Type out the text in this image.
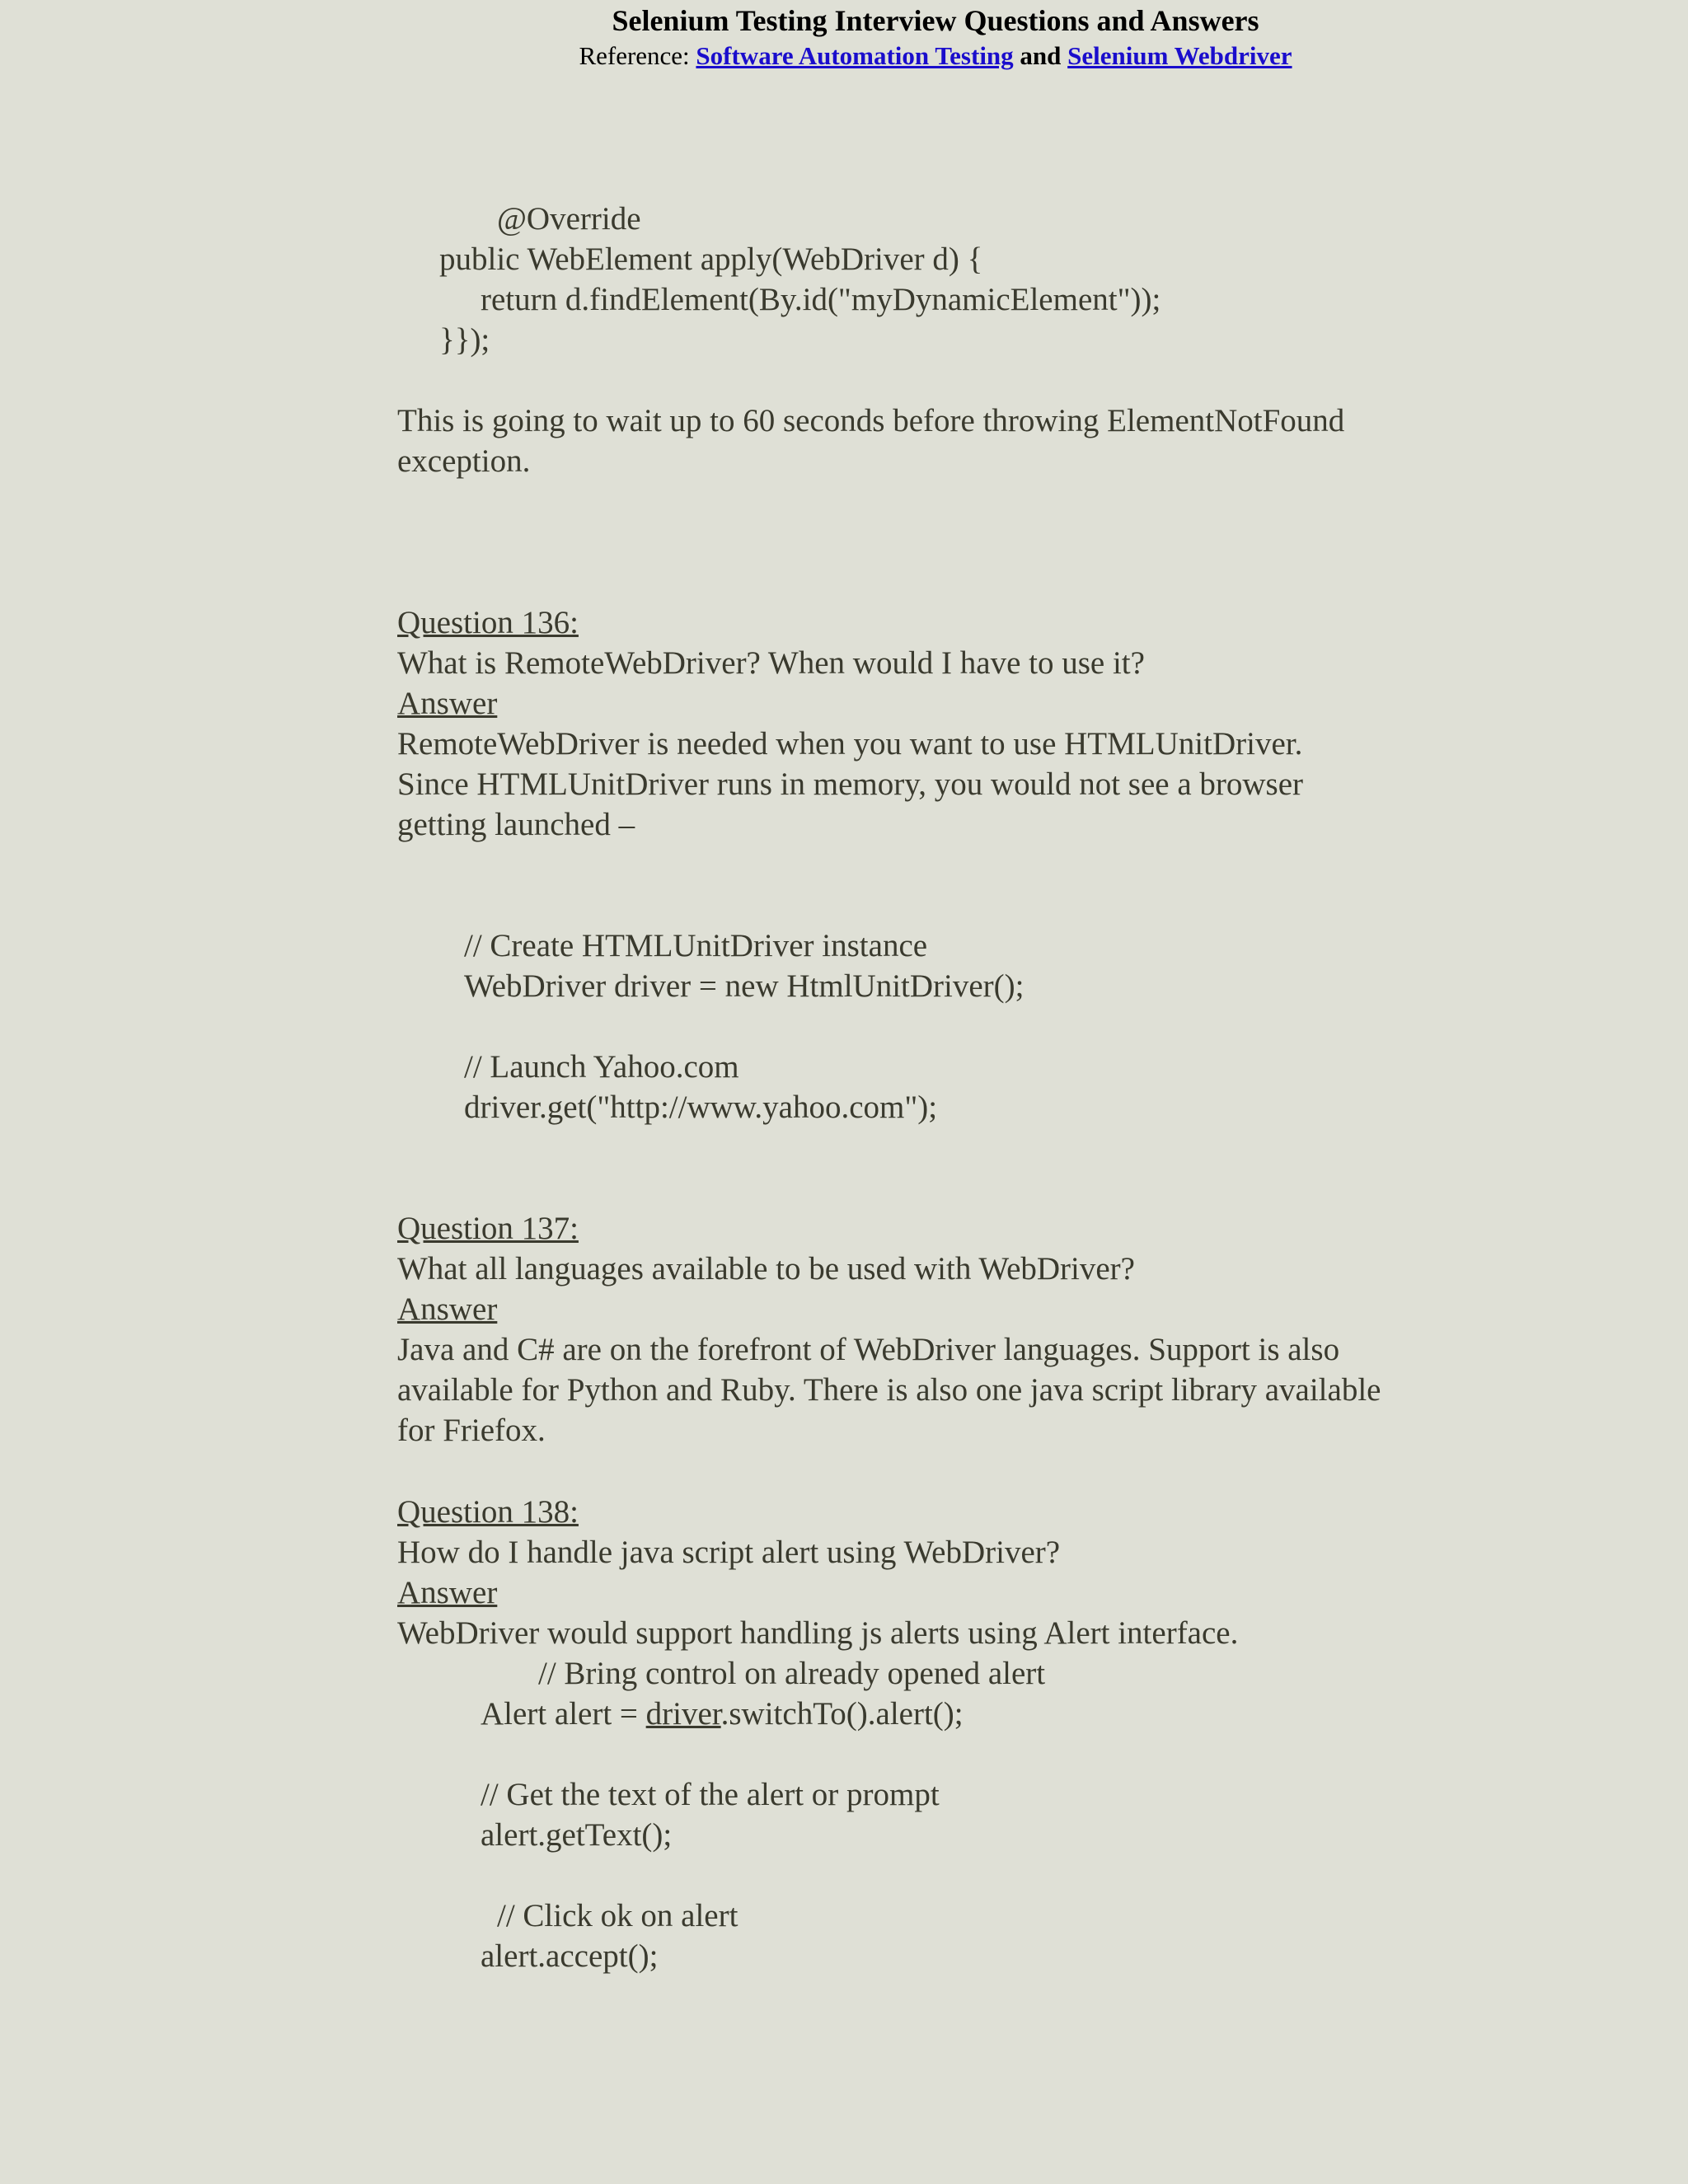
Selenium Testing Interview Questions and Answers
Reference: Software Automation Testing and Selenium Webdriver
@Override
public WebElement apply(WebDriver d) {
return d.findElement(By.id("myDynamicElement"));
}});
This is going to wait up to 60 seconds before throwing ElementNotFound
exception.
Question 136:
What is RemoteWebDriver? When would I have to use it?
Answer
RemoteWebDriver is needed when you want to use HTMLUnitDriver.
Since HTMLUnitDriver runs in memory, you would not see a browser
getting launched –
// Create HTMLUnitDriver instance
WebDriver driver = new HtmlUnitDriver();
// Launch Yahoo.com
driver.get("http://www.yahoo.com");
Question 137:
What all languages available to be used with WebDriver?
Answer
Java and C# are on the forefront of WebDriver languages. Support is also
available for Python and Ruby. There is also one java script library available
for Friefox.
Question 138:
How do I handle java script alert using WebDriver?
Answer
WebDriver would support handling js alerts using Alert interface.
// Bring control on already opened alert
Alert alert = driver.switchTo().alert();
// Get the text of the alert or prompt
alert.getText();
// Click ok on alert
alert.accept();
